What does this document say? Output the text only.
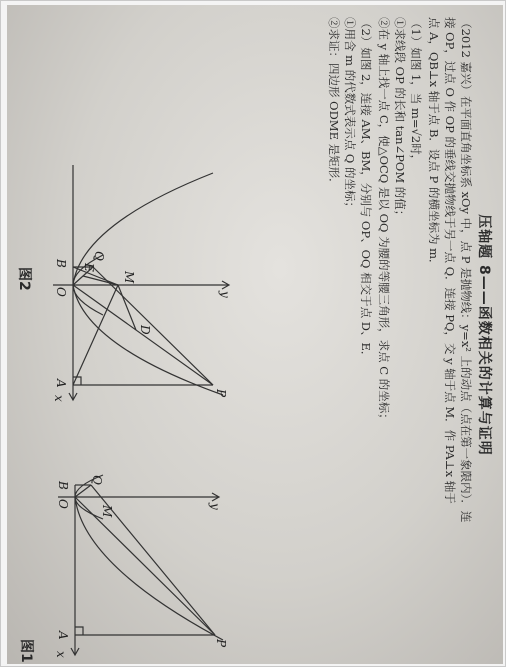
压轴题 8——函数相关的计算与证明
（2012 嘉兴）在平面直角坐标系 xOy 中，点 P 是抛物线：y=x² 上的动点（点在第一象限内）．连
接 OP，过点 O 作 OP 的垂线交抛物线于另一点 Q．连接 PQ，交 y 轴于点 M．作 PA⊥x 轴于
点 A，QB⊥x 轴于点 B．设点 P 的横坐标为 m．
（1）如图 1，当 m=√2时，
①求线段 OP 的长和 tan∠POM 的值；
②在 y 轴上找一点 C，使△OCQ 是以 OQ 为腰的等腰三角形，求点 C 的坐标；
（2）如图 2，连接 AM、BM，分别与 OP、OQ 相交于点 D、E．
①用含 m 的代数式表示点 Q 的坐标；
②求证：四边形 ODME 是矩形．
y
x
P
M
Q
B
O
A
图1
y
x
P
M
D
E
Q
B
O
A
图2
